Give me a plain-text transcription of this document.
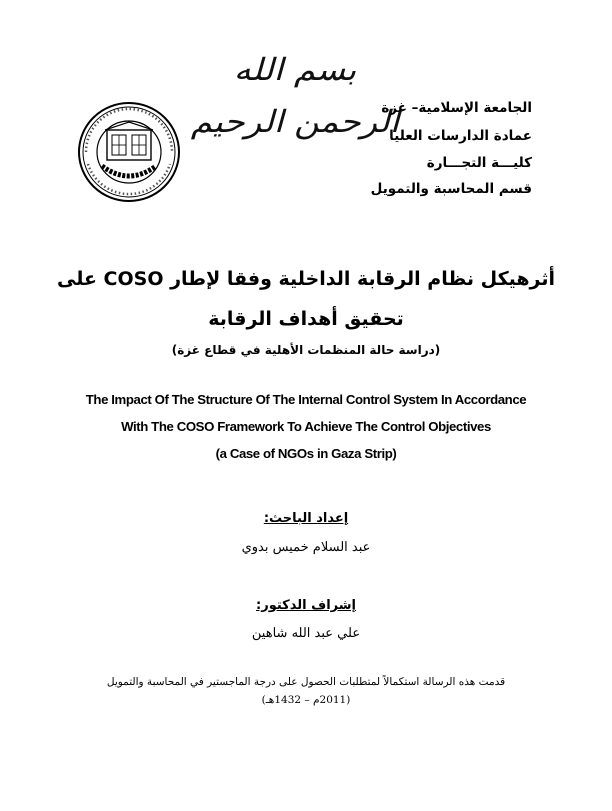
بسم الله الرحمن الرحيم
الجامعة الإسلامية– غزة
عمادة الدارسات العليا
كليـــة التجـــارة
قسم المحاسبة والتمويل
أثرهيكل نظام الرقابة الداخلية وفقا لإطار COSO على
تحقيق أهداف الرقابة
(دراسة حالة المنظمات الأهلية في قطاع غزة)
The Impact Of The Structure Of The Internal Control System In Accordance
With The COSO Framework To Achieve The Control Objectives
(a Case of NGOs in Gaza Strip)
إعداد الباحث:
عبد السلام خميس بدوي
إشراف الدكتور:
علي عبد الله شاهين
قدمت هذه الرسالة استكمالاً لمتطلبات الحصول على درجة الماجستير في المحاسبة والتمويل
(2011م – 1432هـ)
